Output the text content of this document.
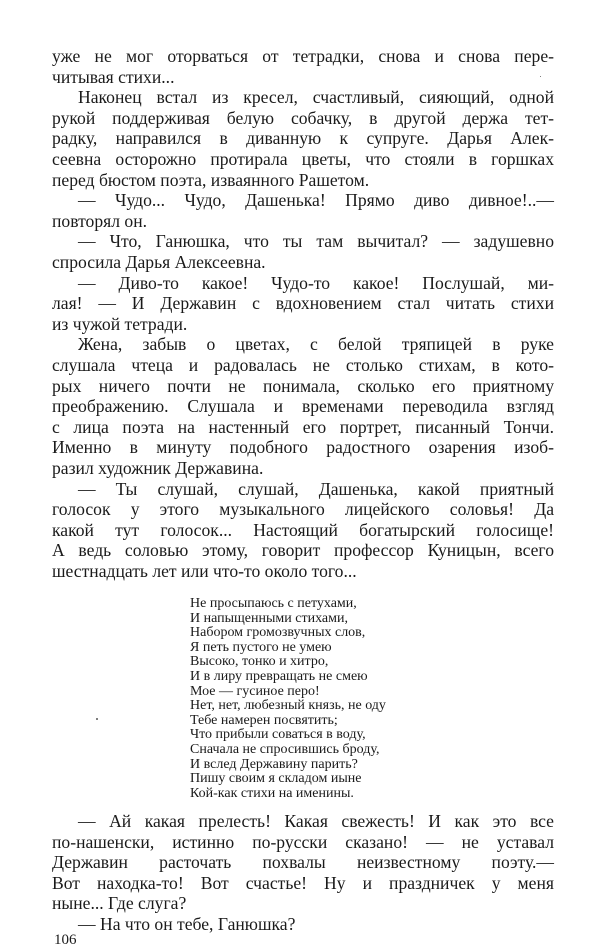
уже не мог оторваться от тетрадки, снова и снова пере-
читывая стихи...
Наконец встал из кресел, счастливый, сияющий, одной
рукой поддерживая белую собачку, в другой держа тет-
радку, направился в диванную к супруге. Дарья Алек-
сеевна осторожно протирала цветы, что стояли в горшках
перед бюстом поэта, изваянного Рашетом.
— Чудо... Чудо, Дашенька! Прямо диво дивное!..—
повторял он.
— Что, Ганюшка, что ты там вычитал? — задушевно
спросила Дарья Алексеевна.
— Диво-то какое! Чудо-то какое! Послушай, ми-
лая! — И Державин с вдохновением стал читать стихи
из чужой тетради.
Жена, забыв о цветах, с белой тряпицей в руке
слушала чтеца и радовалась не столько стихам, в кото-
рых ничего почти не понимала, сколько его приятному
преображению. Слушала и временами переводила взгляд
с лица поэта на настенный его портрет, писанный Тончи.
Именно в минуту подобного радостного озарения изоб-
разил художник Державина.
— Ты слушай, слушай, Дашенька, какой приятный
голосок у этого музыкального лицейского соловья! Да
какой тут голосок... Настоящий богатырский голосище!
А ведь соловью этому, говорит профессор Куницын, всего
шестнадцать лет или что-то около того...
Не просыпаюсь с петухами,
И напыщенными стихами,
Набором громозвучных слов,
Я петь пустого не умею
Высоко, тонко и хитро,
И в лиру превращать не смею
Мое — гусиное перо!
Нет, нет, любезный князь, не оду
Тебе намерен посвятить;
Что прибыли соваться в воду,
Сначала не спросившись броду,
И вслед Державину парить?
Пишу своим я складом иыне
Кой-как стихи на именины.
— Ай какая прелесть! Какая свежесть! И как это все
по-нашенски, истинно по-русски сказано! — не уставал
Державин расточать похвалы неизвестному поэту.—
Вот находка-то! Вот счастье! Ну и праздничек у меня
ныне... Где слуга?
— На что он тебе, Ганюшка?
106
